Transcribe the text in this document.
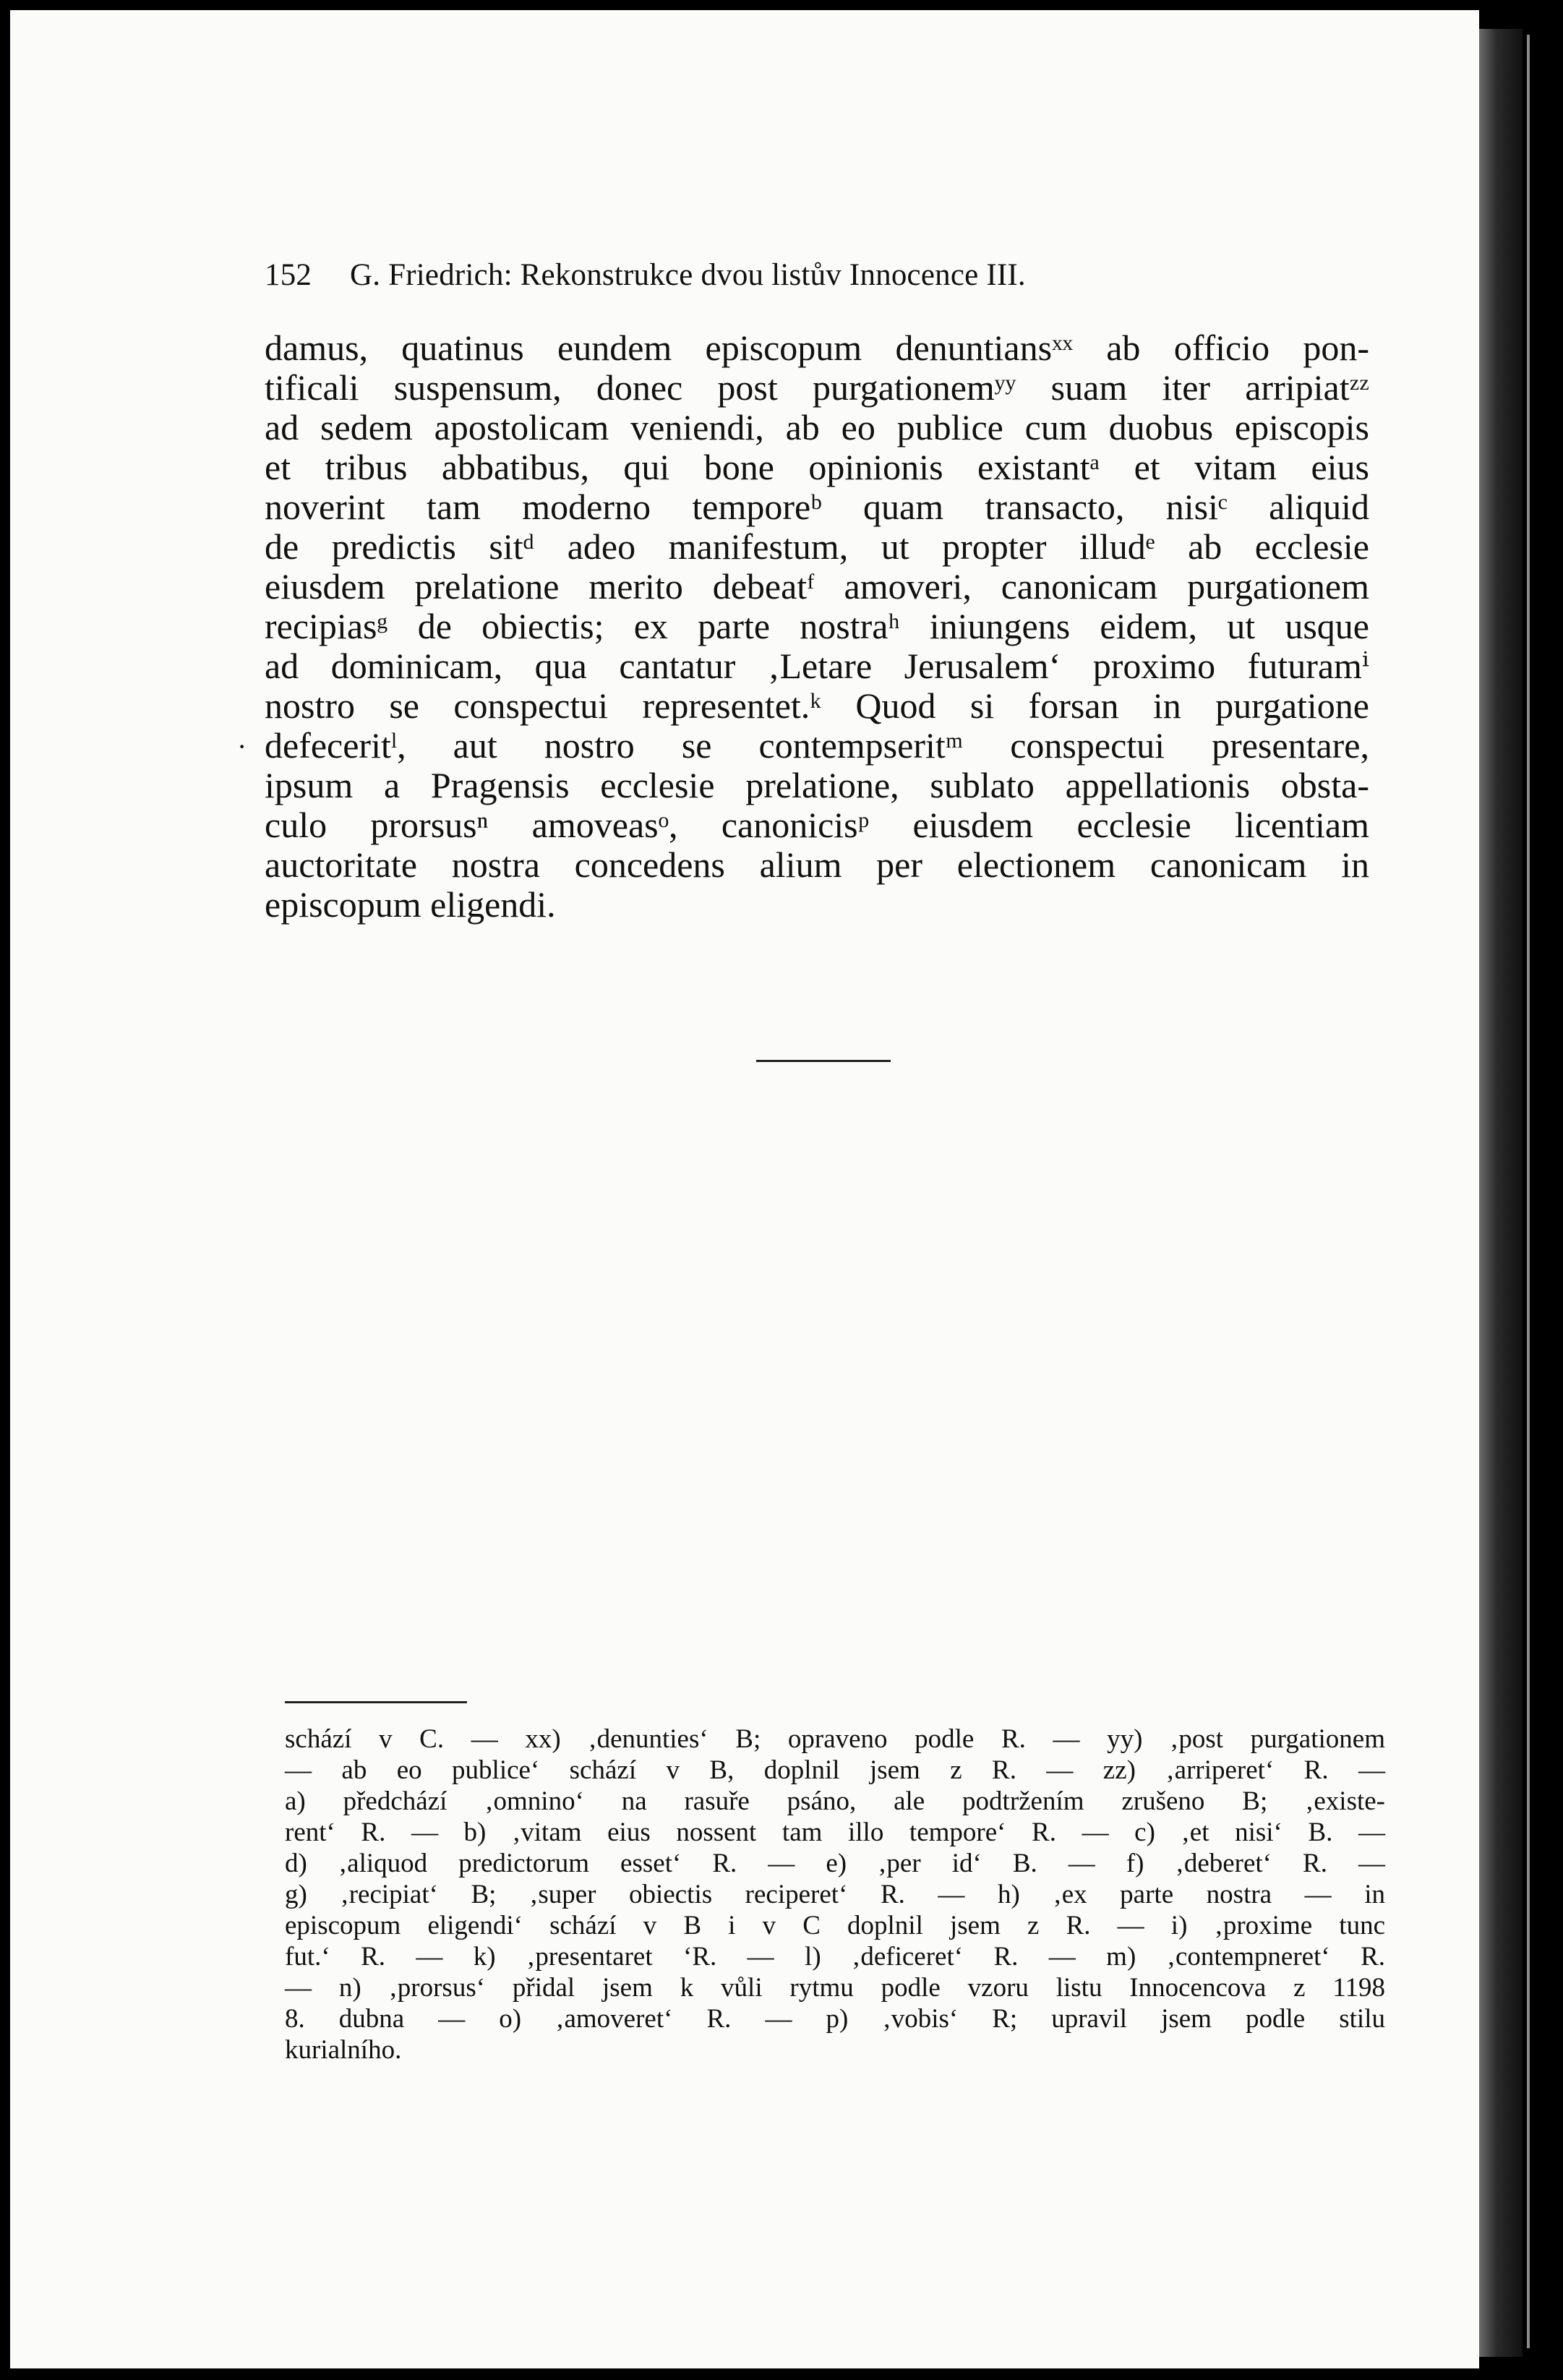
152 G. Friedrich: Rekonstrukce dvou listův Innocence III.
·
damus, quatinus eundem episcopum denuntiansˣˣ ab officio pon-
tificali suspensum, donec post purgationemʸʸ suam iter arripiatᶻᶻ
ad sedem apostolicam veniendi, ab eo publice cum duobus episcopis
et tribus abbatibus, qui bone opinionis existantᵃ et vitam eius
noverint tam moderno temporeᵇ quam transacto, nisiᶜ aliquid
de predictis sitᵈ adeo manifestum, ut propter illudᵉ ab ecclesie
eiusdem prelatione merito debeatᶠ amoveri, canonicam purgationem
recipiasᵍ de obiectis; ex parte nostraʰ iniungens eidem, ut usque
ad dominicam, qua cantatur ‚Letare Jerusalem‘ proximo futuramⁱ
nostro se conspectui representet.ᵏ Quod si forsan in purgatione
defeceritˡ, aut nostro se contempseritᵐ conspectui presentare,
ipsum a Pragensis ecclesie prelatione, sublato appellationis obsta-
culo prorsusⁿ amoveasᵒ, canonicisᵖ eiusdem ecclesie licentiam
auctoritate nostra concedens alium per electionem canonicam in
episcopum eligendi.
schází v C. — xx) ‚denunties‘ B; opraveno podle R. — yy) ‚post purgationem
— ab eo publice‘ schází v B, doplnil jsem z R. — zz) ‚arriperet‘ R. —
a) předchází ‚omnino‘ na rasuře psáno, ale podtržením zrušeno B; ‚existe-
rent‘ R. — b) ‚vitam eius nossent tam illo tempore‘ R. — c) ‚et nisi‘ B. —
d) ‚aliquod predictorum esset‘ R. — e) ‚per id‘ B. — f) ‚deberet‘ R. —
g) ‚recipiat‘ B; ‚super obiectis reciperet‘ R. — h) ‚ex parte nostra — in
episcopum eligendi‘ schází v B i v C doplnil jsem z R. — i) ‚proxime tunc
fut.‘ R. — k) ‚presentaret ‘R. — l) ‚deficeret‘ R. — m) ‚contempneret‘ R.
— n) ‚prorsus‘ přidal jsem k vůli rytmu podle vzoru listu Innocencova z 1198
8. dubna — o) ‚amoveret‘ R. — p) ‚vobis‘ R; upravil jsem podle stilu
kurialního.
